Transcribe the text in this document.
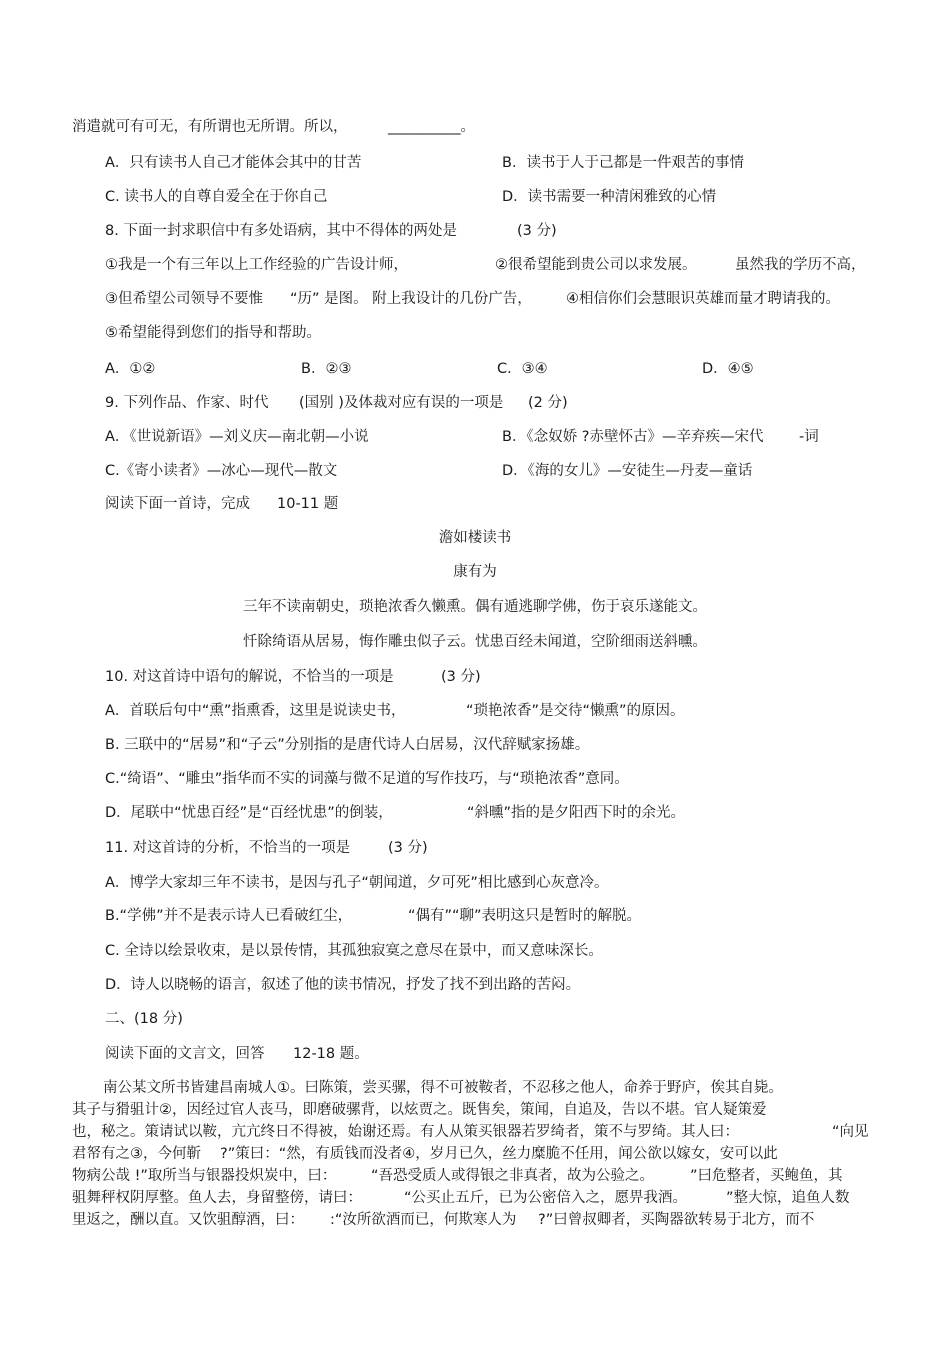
消遣就可有可无，有所谓也无所谓。所以，	__________。
A．只有读书人自己才能体会其中的甘苦	B．读书于人于己都是一件艰苦的事情
C. 读书人的自尊自爱全在于你自己	D．读书需要一种清闲雅致的心情
8. 下面一封求职信中有多处语病，其中不得体的两处是	(3 分)
①我是一个有三年以上工作经验的广告设计师，	②很希望能到贵公司以求发展。	虽然我的学历不高，
③但希望公司领导不要惟 “历” 是图。 附上我设计的几份广告， ④相信你们会慧眼识英雄而量才聘请我的。
⑤希望能得到您们的指导和帮助。
A．①②	B．②③	C．③④	D．④⑤
9. 下列作品、作家、时代 (国别 )及体裁对应有误的一项是 (2 分)
A．《世说新语》—刘义庆—南北朝—小说	B．《念奴娇 ?赤壁怀古》—辛弃疾—宋代 -词
C.《寄小读者》—冰心—现代—散文	D．《海的女儿》—安徒生—丹麦—童话
阅读下面一首诗，完成 10-11 题
澹如楼读书
康有为
三年不读南朝史，琐艳浓香久懒熏。偶有遁逃聊学佛，伤于哀乐遂能文。
忏除绮语从居易，悔作雕虫似子云。忧患百经未闻道，空阶细雨送斜曛。
10. 对这首诗中语句的解说，不恰当的一项是	(3 分)
A．首联后句中“熏”指熏香，这里是说读史书，	“琐艳浓香”是交待“懒熏”的原因。
B. 三联中的“居易”和“子云”分别指的是唐代诗人白居易，汉代辞赋家扬雄。
C.“绮语”、“雕虫”指华而不实的词藻与微不足道的写作技巧，与“琐艳浓香”意同。
D．尾联中“忧患百经”是“百经忧患”的倒装，	“斜曛”指的是夕阳西下时的余光。
11. 对这首诗的分析，不恰当的一项是	(3 分)
A．博学大家却三年不读书，是因与孔子“朝闻道，夕可死”相比感到心灰意冷。
B.“学佛”并不是表示诗人已看破红尘，	“偶有”“聊”表明这只是暂时的解脱。
C. 全诗以绘景收束，是以景传情，其孤独寂寞之意尽在景中，而又意味深长。
D．诗人以晓畅的语言，叙述了他的读书情况，抒发了找不到出路的苦闷。
二、(18 分)
阅读下面的文言文，回答 12-18 题。
南公某文所书皆建昌南城人①。曰陈策，尝买骡，得不可被鞍者，不忍移之他人，命养于野庐，俟其自毙。
其子与猾驵计②，因经过官人丧马，即磨破骡背，以炫贾之。既售矣，策闻，自追及，告以不堪。官人疑策爱
也，秘之。策请试以鞍，亢亢终日不得被，始谢还焉。有人从策买银器若罗绮者，策不与罗绮。其人曰：	“向见
君帑有之③，今何靳 ?”策曰：“然，有质钱而没者④，岁月已久，丝力糜脆不任用，闻公欲以嫁女，安可以此
物病公哉 !”取所当与银器投炽炭中，曰： “吾恐受质人或得银之非真者，故为公验之。 ”曰危整者，买鲍鱼，其
驵舞秤权阴厚整。鱼人去，身留整傍，请曰：	“公买止五斤，已为公密倍入之，愿畀我酒。	”整大惊，追鱼人数
里返之，酬以直。又饮驵醇酒，曰： :“汝所欲酒而已，何欺寒人为 ?”曰曾叔卿者，买陶器欲转易于北方，而不
